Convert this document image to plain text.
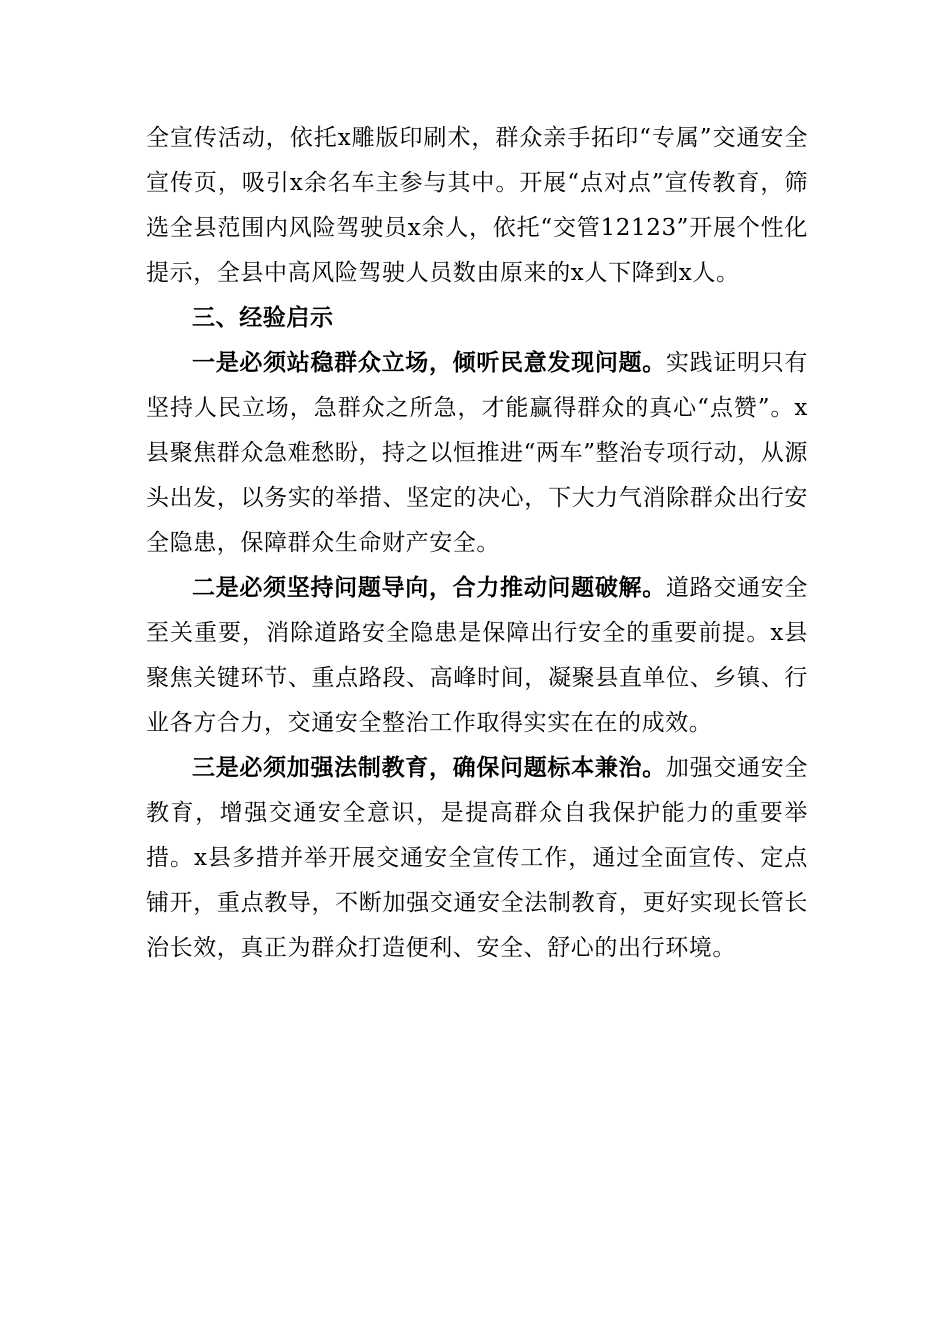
全宣传活动，依托x雕版印刷术，群众亲手拓印“专属”交通安全宣传页，吸引x余名车主参与其中。开展“点对点”宣传教育，筛选全县范围内风险驾驶员x余人，依托“交管12123”开展个性化提示，全县中高风险驾驶人员数由原来的x人下降到x人。

三、经验启示

一是必须站稳群众立场，倾听民意发现问题。实践证明只有坚持人民立场，急群众之所急，才能赢得群众的真心“点赞”。x县聚焦群众急难愁盼，持之以恒推进“两车”整治专项行动，从源头出发，以务实的举措、坚定的决心，下大力气消除群众出行安全隐患，保障群众生命财产安全。

二是必须坚持问题导向，合力推动问题破解。道路交通安全至关重要，消除道路安全隐患是保障出行安全的重要前提。x县聚焦关键环节、重点路段、高峰时间，凝聚县直单位、乡镇、行业各方合力，交通安全整治工作取得实实在在的成效。

三是必须加强法制教育，确保问题标本兼治。加强交通安全教育，增强交通安全意识，是提高群众自我保护能力的重要举措。x县多措并举开展交通安全宣传工作，通过全面宣传、定点铺开，重点教导，不断加强交通安全法制教育，更好实现长管长治长效，真正为群众打造便利、安全、舒心的出行环境。
